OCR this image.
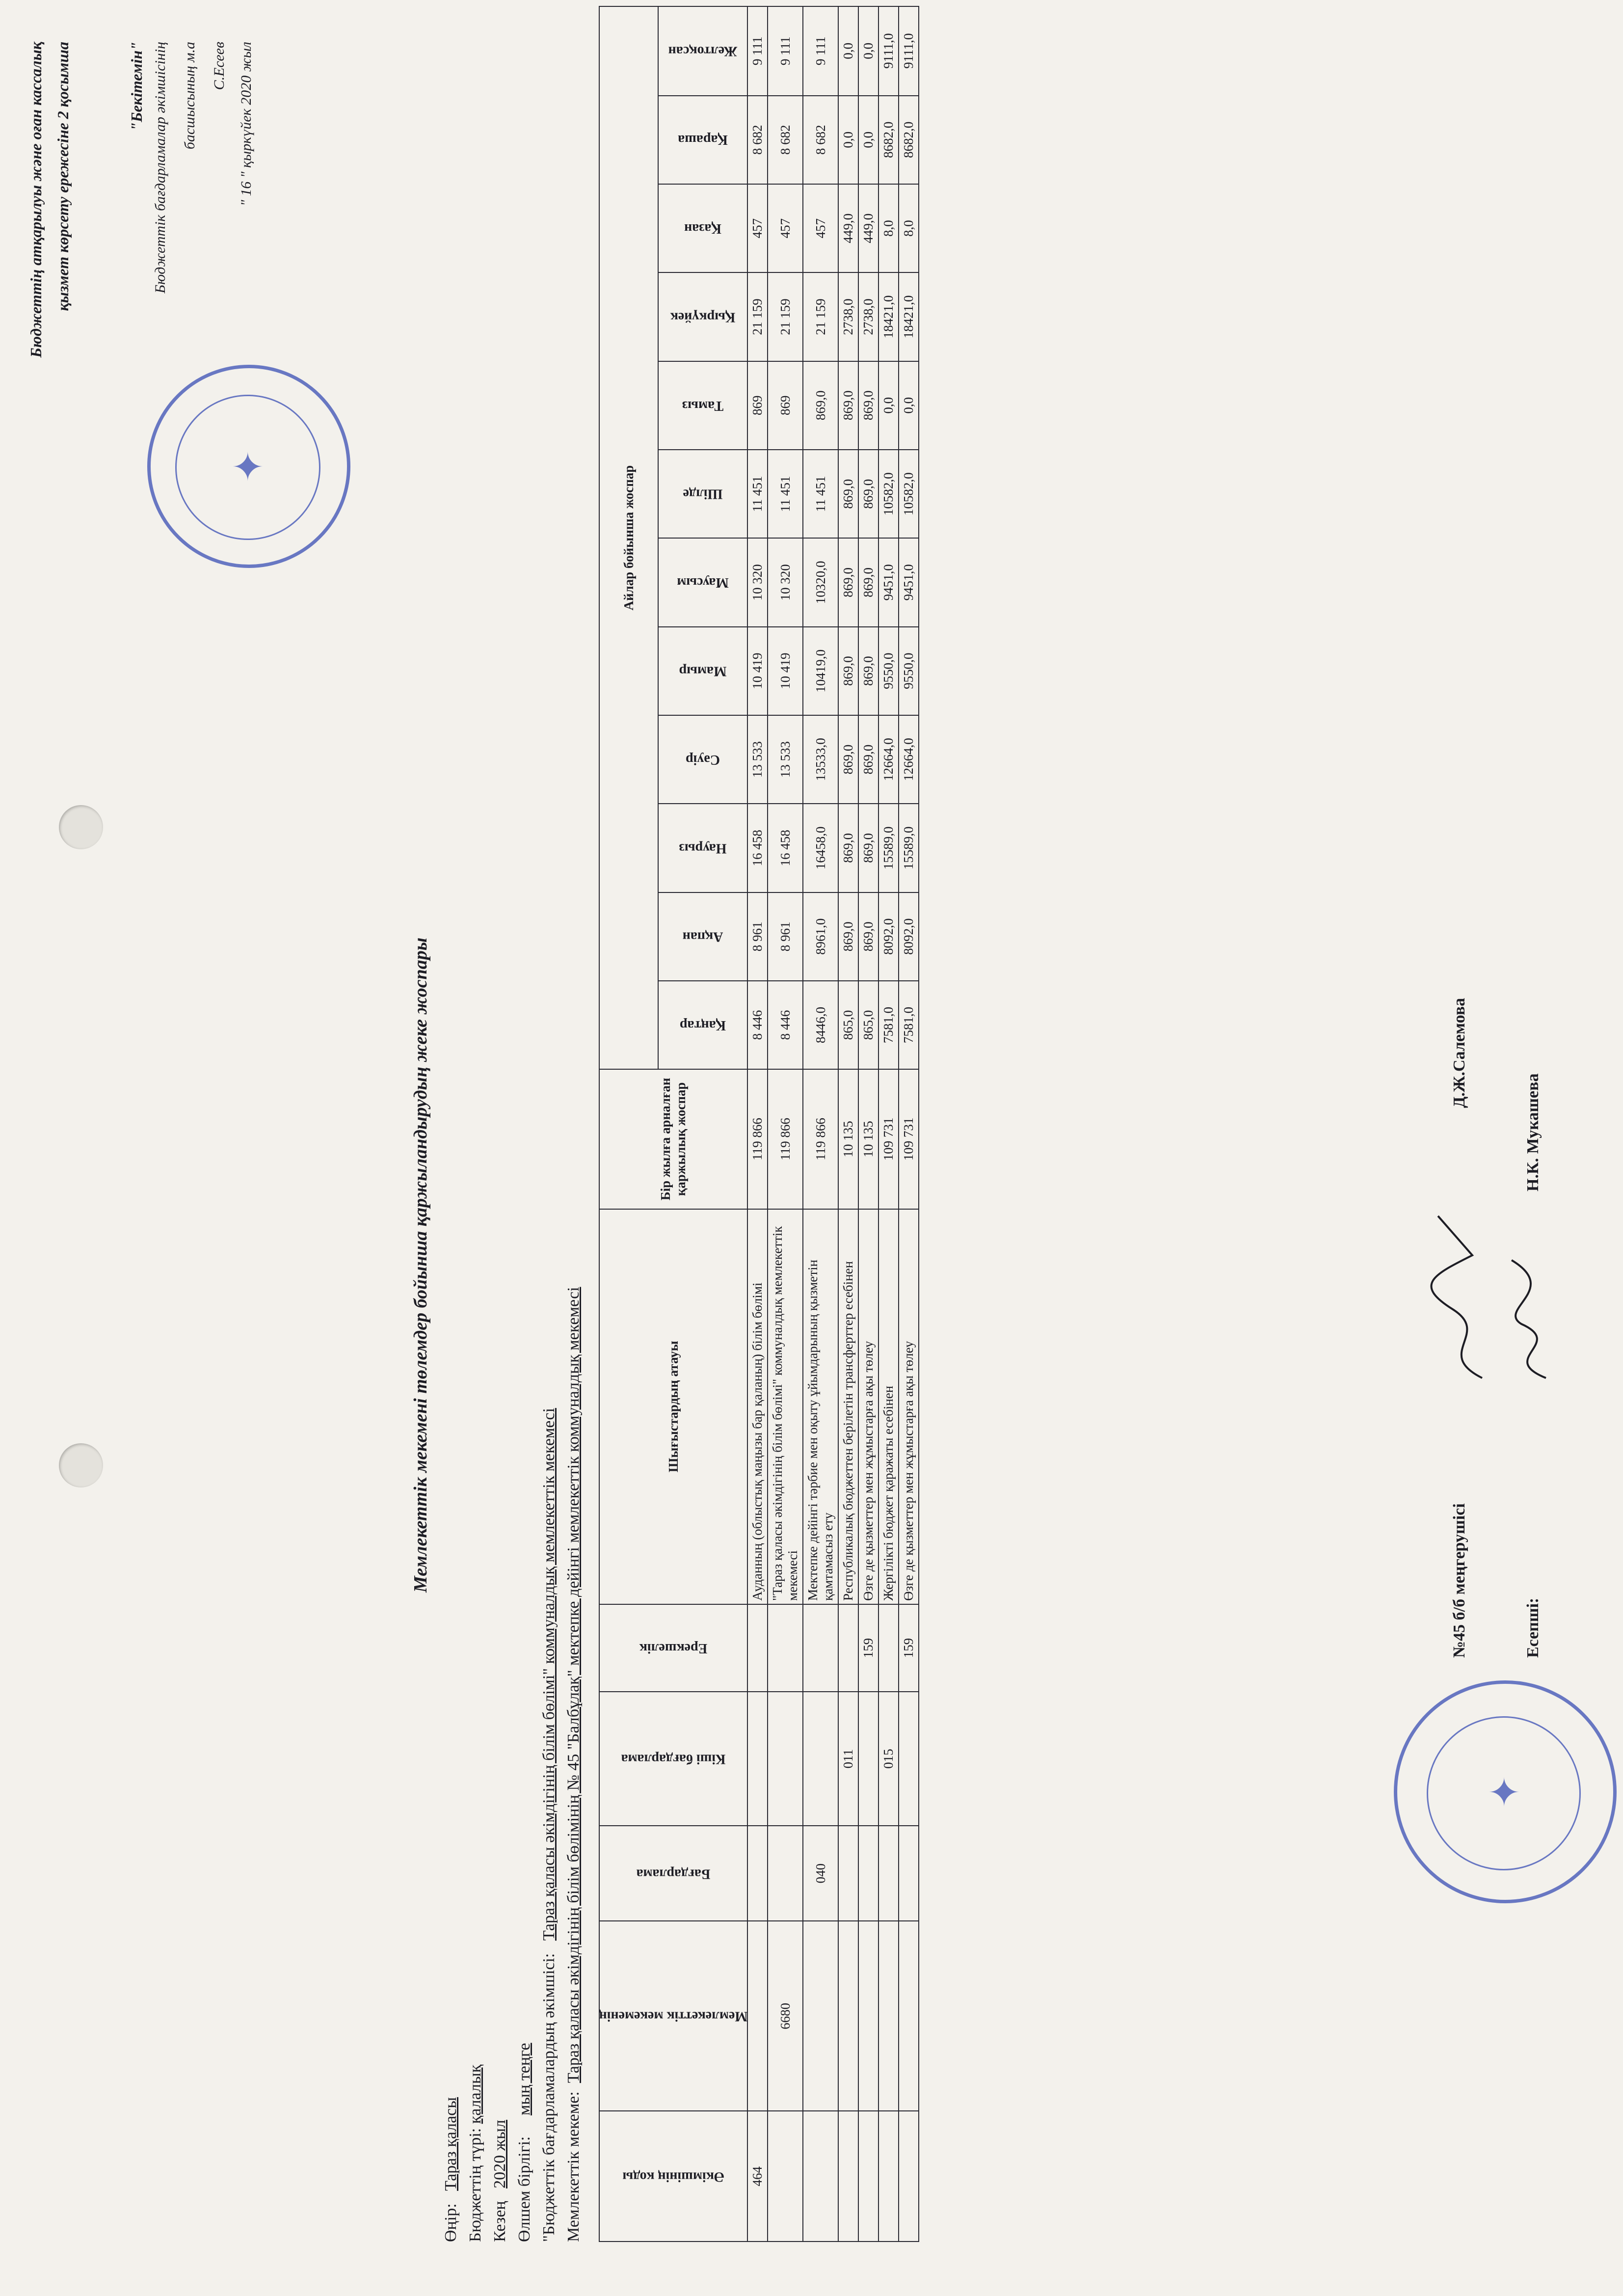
Бюджеттің атқарылуы және оған кассалық қызмет көрсету ережесіне 2 қосымша	"Бекітемін" Бюджеттік бағдарламалар әкімшісінің басшысының м.а С.Есеев " 16 " қыркүйек 2020 жыл
✦
Мемлекеттік мекемені төлемдер бойынша қаржыландырудың жеке жоспары
Өңір:   Тараз қаласы Бюджеттің түрі: қалалық
Кезең   2020 жыл Өлшем бірлігі:     мың теңге "Бюджеттік бағдарламалардың әкімшісі:   Тараз қаласы әкімдігінің білім бөлімі" коммуналдық мемлекеттік мекемесі
Мемлекеттік мекеме:  Тараз қаласы әкімдігінің білім бөлімінің № 45 "Балбұлақ" мектепке дейінгі мемлекеттік коммуналдық мекемесі
Әкімшінің коды	Мемлекеттік мекеменің	Бағдарлама	Кіші бағдарлама	Ерекшелік	Шығыстардың атауы	Бір жылға арналған қаржылық жоспар	Айлар бойынша жоспар											
							Қаңтар	Ақпан	Наурыз	Сәуір	Мамыр	Маусым	Шілде	Тамыз	Қыркүйек	Қазан	Қараша	Желтоқсан
464					Ауданның (облыстық маңызы бар қаланың) білім бөлімі	119 866	8 446	8 961	16 458	13 533	10 419	10 320	11 451	869	21 159	457	8 682	9 111
	6680				"Тараз қаласы әкімдігінің білім бөлімі" коммуналдық мемлекеттік мекемесі	119 866	8 446	8 961	16 458	13 533	10 419	10 320	11 451	869	21 159	457	8 682	9 111
		040			Мектепке дейінгі тәрбие мен оқыту ұйымдарының қызметін қамтамасыз ету	119 866	8446,0	8961,0	16458,0	13533,0	10419,0	10320,0	11 451	869,0	21 159	457	8 682	9 111
			011		Республикалық бюджеттен берілетін трансферттер есебінен	10 135	865,0	869,0	869,0	869,0	869,0	869,0	869,0	869,0	2738,0	449,0	0,0	0,0
				159	Өзге де қызметтер мен жұмыстарға ақы төлеу	10 135	865,0	869,0	869,0	869,0	869,0	869,0	869,0	869,0	2738,0	449,0	0,0	0,0
			015		Жергілікті бюджет қаражаты есебінен	109 731	7581,0	8092,0	15589,0	12664,0	9550,0	9451,0	10582,0	0,0	18421,0	8,0	8682,0	9111,0
				159	Өзге де қызметтер мен жұмыстарға ақы төлеу	109 731	7581,0	8092,0	15589,0	12664,0	9550,0	9451,0	10582,0	0,0	18421,0	8,0	8682,0	9111,0
№45 б/б меңгерушісі
Д.Ж.Салемова
Есепші:
Н.К. Мукашева
✦
